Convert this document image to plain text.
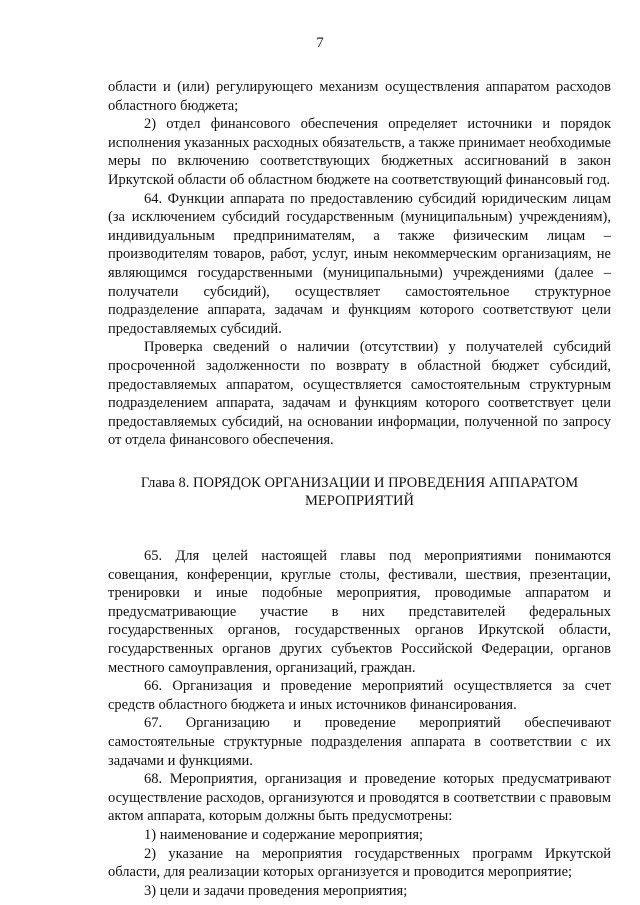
7

области и (или) регулирующего механизм осуществления аппаратом расходов областного бюджета;

2) отдел финансового обеспечения определяет источники и порядок исполнения указанных расходных обязательств, а также принимает необходимые меры по включению соответствующих бюджетных ассигнований в закон Иркутской области об областном бюджете на соответствующий финансовый год.

64. Функции аппарата по предоставлению субсидий юридическим лицам (за исключением субсидий государственным (муниципальным) учреждениям), индивидуальным предпринимателям, а также физическим лицам – производителям товаров, работ, услуг, иным некоммерческим организациям, не являющимся государственными (муниципальными) учреждениями (далее – получатели субсидий), осуществляет самостоятельное структурное подразделение аппарата, задачам и функциям которого соответствуют цели предоставляемых субсидий.

Проверка сведений о наличии (отсутствии) у получателей субсидий просроченной задолженности по возврату в областной бюджет субсидий, предоставляемых аппаратом, осуществляется самостоятельным структурным подразделением аппарата, задачам и функциям которого соответствует цели предоставляемых субсидий, на основании информации, полученной по запросу от отдела финансового обеспечения.

Глава 8. ПОРЯДОК ОРГАНИЗАЦИИ И ПРОВЕДЕНИЯ АППАРАТОМ
МЕРОПРИЯТИЙ

65. Для целей настоящей главы под мероприятиями понимаются совещания, конференции, круглые столы, фестивали, шествия, презентации, тренировки и иные подобные мероприятия, проводимые аппаратом и предусматривающие участие в них представителей федеральных государственных органов, государственных органов Иркутской области, государственных органов других субъектов Российской Федерации, органов местного самоуправления, организаций, граждан.

66. Организация и проведение мероприятий осуществляется за счет средств областного бюджета и иных источников финансирования.

67. Организацию и проведение мероприятий обеспечивают самостоятельные структурные подразделения аппарата в соответствии с их задачами и функциями.

68. Мероприятия, организация и проведение которых предусматривают осуществление расходов, организуются и проводятся в соответствии с правовым актом аппарата, которым должны быть предусмотрены:

1) наименование и содержание мероприятия;

2) указание на мероприятия государственных программ Иркутской области, для реализации которых организуется и проводится мероприятие;

3) цели и задачи проведения мероприятия;
